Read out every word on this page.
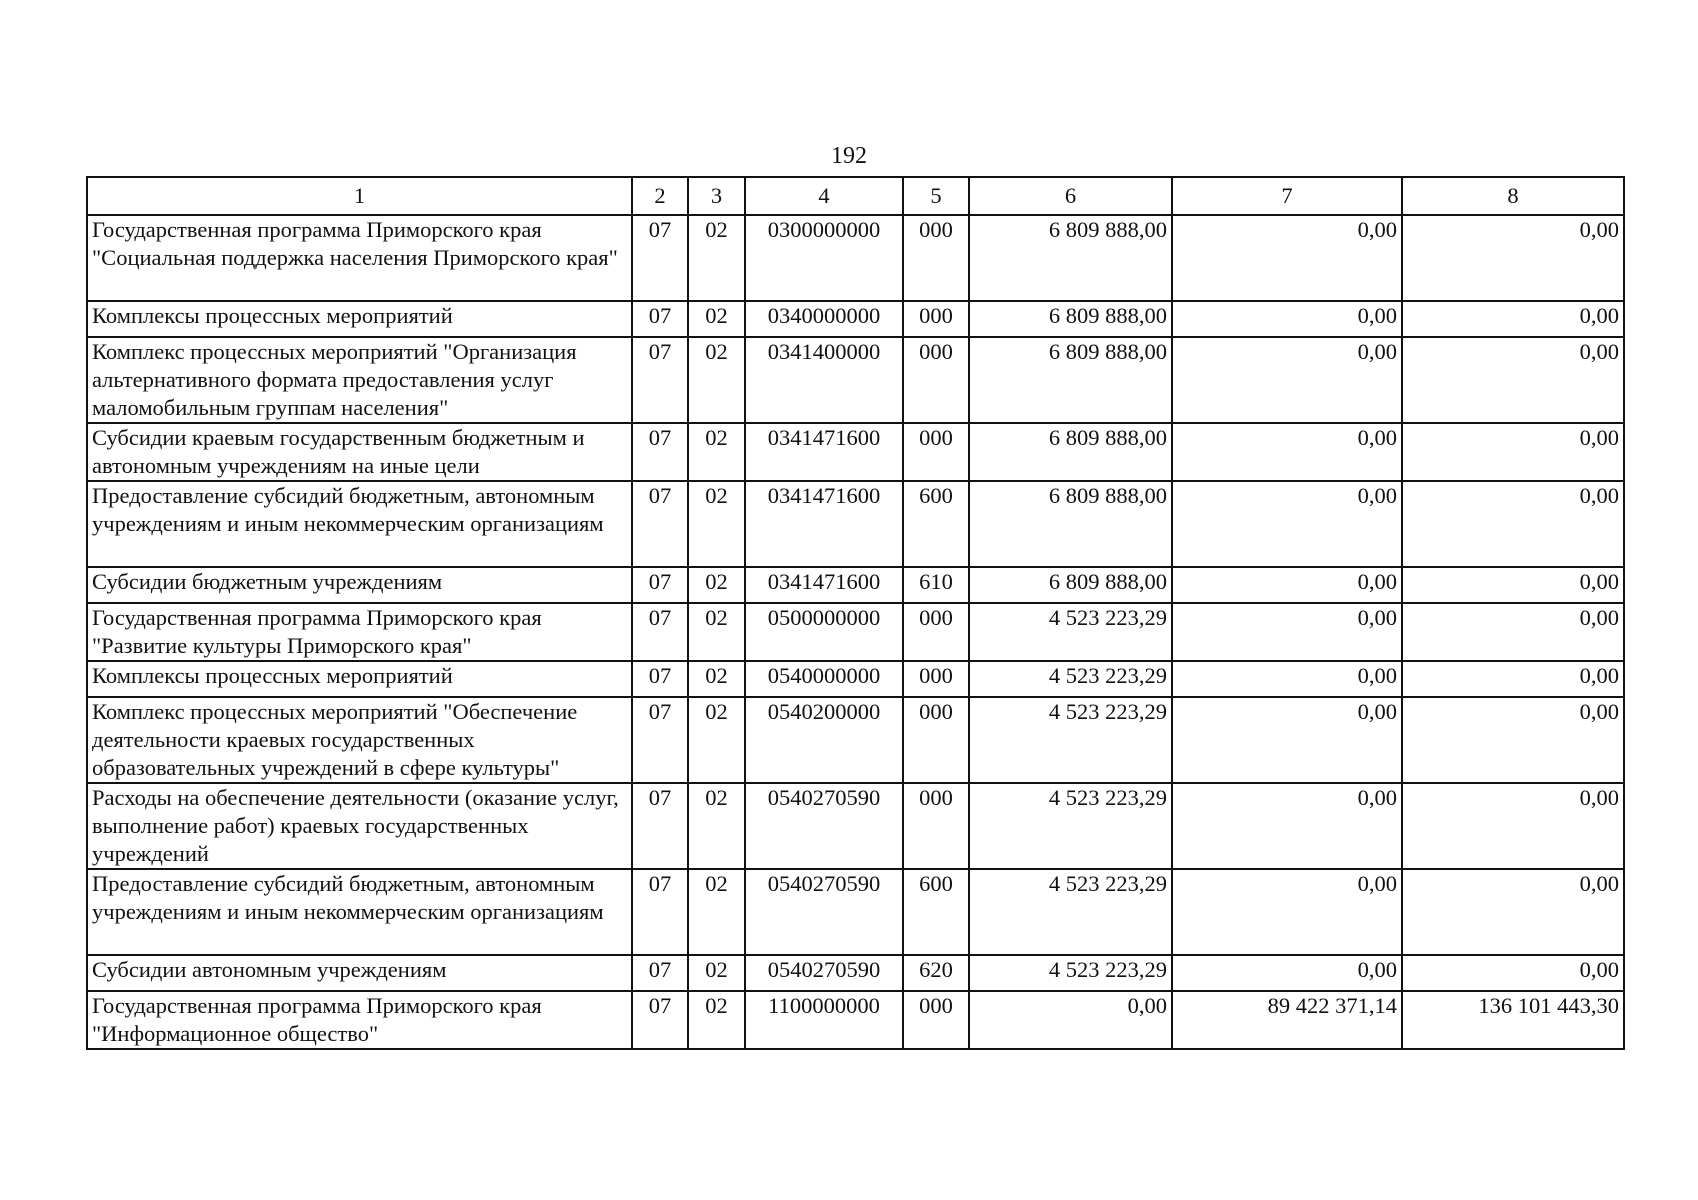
192
1	2	3	4	5	6	7	8
Государственная программа Приморского края "Социальная поддержка населения Приморского края"	07	02	0300000000	000	6 809 888,00	0,00	0,00
Комплексы процессных мероприятий	07	02	0340000000	000	6 809 888,00	0,00	0,00
Комплекс процессных мероприятий "Организация альтернативного формата предоставления услуг маломобильным группам населения"	07	02	0341400000	000	6 809 888,00	0,00	0,00
Субсидии краевым государственным бюджетным и автономным учреждениям на иные цели	07	02	0341471600	000	6 809 888,00	0,00	0,00
Предоставление субсидий бюджетным, автономным учреждениям и иным некоммерческим организациям	07	02	0341471600	600	6 809 888,00	0,00	0,00
Субсидии бюджетным учреждениям	07	02	0341471600	610	6 809 888,00	0,00	0,00
Государственная программа Приморского края "Развитие культуры Приморского края"	07	02	0500000000	000	4 523 223,29	0,00	0,00
Комплексы процессных мероприятий	07	02	0540000000	000	4 523 223,29	0,00	0,00
Комплекс процессных мероприятий "Обеспечение деятельности краевых государственных образовательных учреждений в сфере культуры"	07	02	0540200000	000	4 523 223,29	0,00	0,00
Расходы на обеспечение деятельности (оказание услуг, выполнение работ) краевых государственных учреждений	07	02	0540270590	000	4 523 223,29	0,00	0,00
Предоставление субсидий бюджетным, автономным учреждениям и иным некоммерческим организациям	07	02	0540270590	600	4 523 223,29	0,00	0,00
Субсидии автономным учреждениям	07	02	0540270590	620	4 523 223,29	0,00	0,00
Государственная программа Приморского края "Информационное общество"	07	02	1100000000	000	0,00	89 422 371,14	136 101 443,30
